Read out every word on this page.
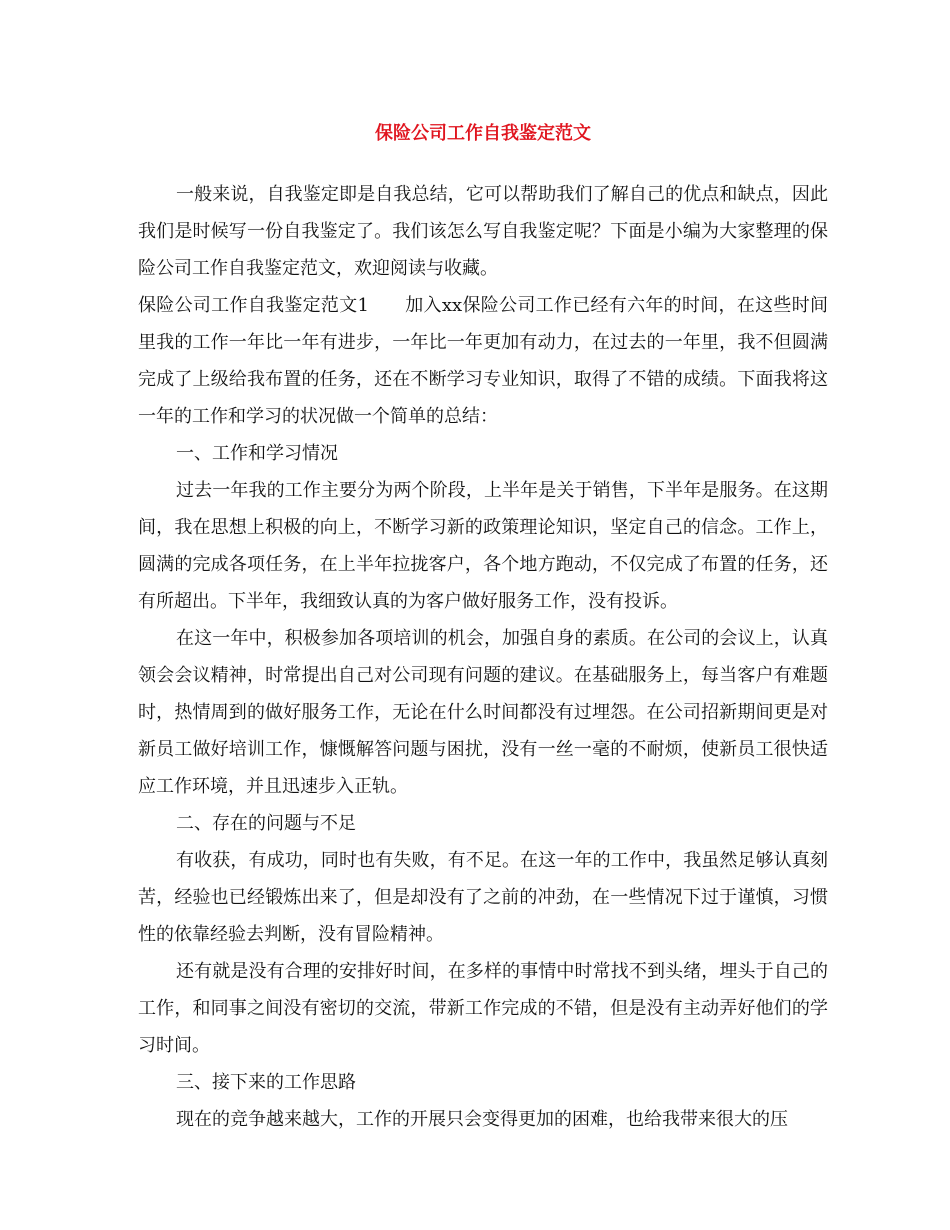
保险公司工作自我鉴定范文

一般来说，自我鉴定即是自我总结，它可以帮助我们了解自己的优点和缺点，因此我们是时候写一份自我鉴定了。我们该怎么写自我鉴定呢？下面是小编为大家整理的保险公司工作自我鉴定范文，欢迎阅读与收藏。

保险公司工作自我鉴定范文1 加入xx保险公司工作已经有六年的时间，在这些时间里我的工作一年比一年有进步，一年比一年更加有动力，在过去的一年里，我不但圆满完成了上级给我布置的任务，还在不断学习专业知识，取得了不错的成绩。下面我将这一年的工作和学习的状况做一个简单的总结：

一、工作和学习情况

过去一年我的工作主要分为两个阶段，上半年是关于销售，下半年是服务。在这期间，我在思想上积极的向上，不断学习新的政策理论知识，坚定自己的信念。工作上，圆满的完成各项任务，在上半年拉拢客户，各个地方跑动，不仅完成了布置的任务，还有所超出。下半年，我细致认真的为客户做好服务工作，没有投诉。

在这一年中，积极参加各项培训的机会，加强自身的素质。在公司的会议上，认真领会会议精神，时常提出自己对公司现有问题的建议。在基础服务上，每当客户有难题时，热情周到的做好服务工作，无论在什么时间都没有过埋怨。在公司招新期间更是对新员工做好培训工作，慷慨解答问题与困扰，没有一丝一毫的不耐烦，使新员工很快适应工作环境，并且迅速步入正轨。

二、存在的问题与不足

有收获，有成功，同时也有失败，有不足。在这一年的工作中，我虽然足够认真刻苦，经验也已经锻炼出来了，但是却没有了之前的冲劲，在一些情况下过于谨慎，习惯性的依靠经验去判断，没有冒险精神。

还有就是没有合理的安排好时间，在多样的事情中时常找不到头绪，埋头于自己的工作，和同事之间没有密切的交流，带新工作完成的不错，但是没有主动弄好他们的学习时间。

三、接下来的工作思路

现在的竞争越来越大，工作的开展只会变得更加的困难，也给我带来很大的压
